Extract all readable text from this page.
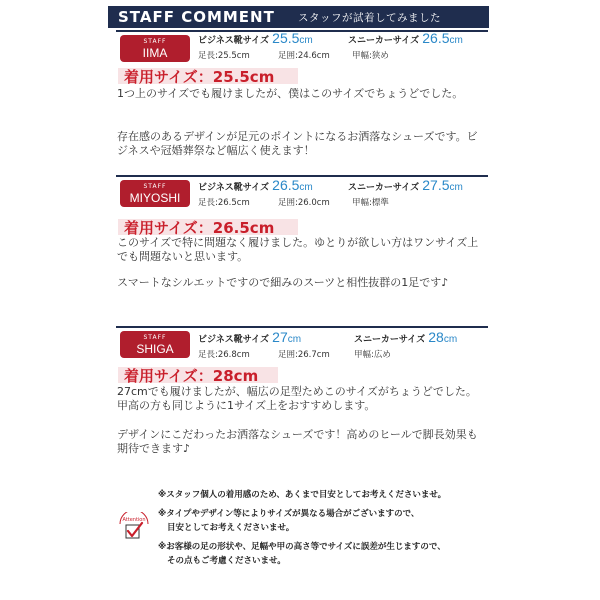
STAFF COMMENT	スタッフが試着してみました
STAFF
IIMA
ビジネス靴サイズ 25.5cm	スニーカーサイズ 26.5cm
足長:25.5cm	足囲:24.6cm	甲幅:狭め
着用サイズ：25.5cm

1つ上のサイズでも履けましたが、僕はこのサイズでちょうどでした。

存在感のあるデザインが足元のポイントになるお洒落なシューズです。ビジネスや冠婚葬祭など幅広く使えます！

STAFF
MIYOSHI
ビジネス靴サイズ 26.5cm	スニーカーサイズ 27.5cm
足長:26.5cm	足囲:26.0cm	甲幅:標準
着用サイズ：26.5cm

このサイズで特に問題なく履けました。ゆとりが欲しい方はワンサイズ上でも問題ないと思います。

スマートなシルエットですので細みのスーツと相性抜群の1足です♪

STAFF
SHIGA
ビジネス靴サイズ 27cm	スニーカーサイズ 28cm
足長:26.8cm	足囲:26.7cm	甲幅:広め
着用サイズ：28cm

27cmでも履けましたが、幅広の足型ためこのサイズがちょうどでした。甲高の方も同じように1サイズ上をおすすめします。

デザインにこだわったお洒落なシューズです！高めのヒールで脚長効果も期待できます♪

Attention
※スタッフ個人の着用感のため、あくまで目安としてお考えくださいませ。
※タイプやデザイン等によりサイズが異なる場合がございますので、
目安としてお考えくださいませ。
※お客様の足の形状や、足幅や甲の高さ等でサイズに誤差が生じますので、
その点もご考慮くださいませ。
